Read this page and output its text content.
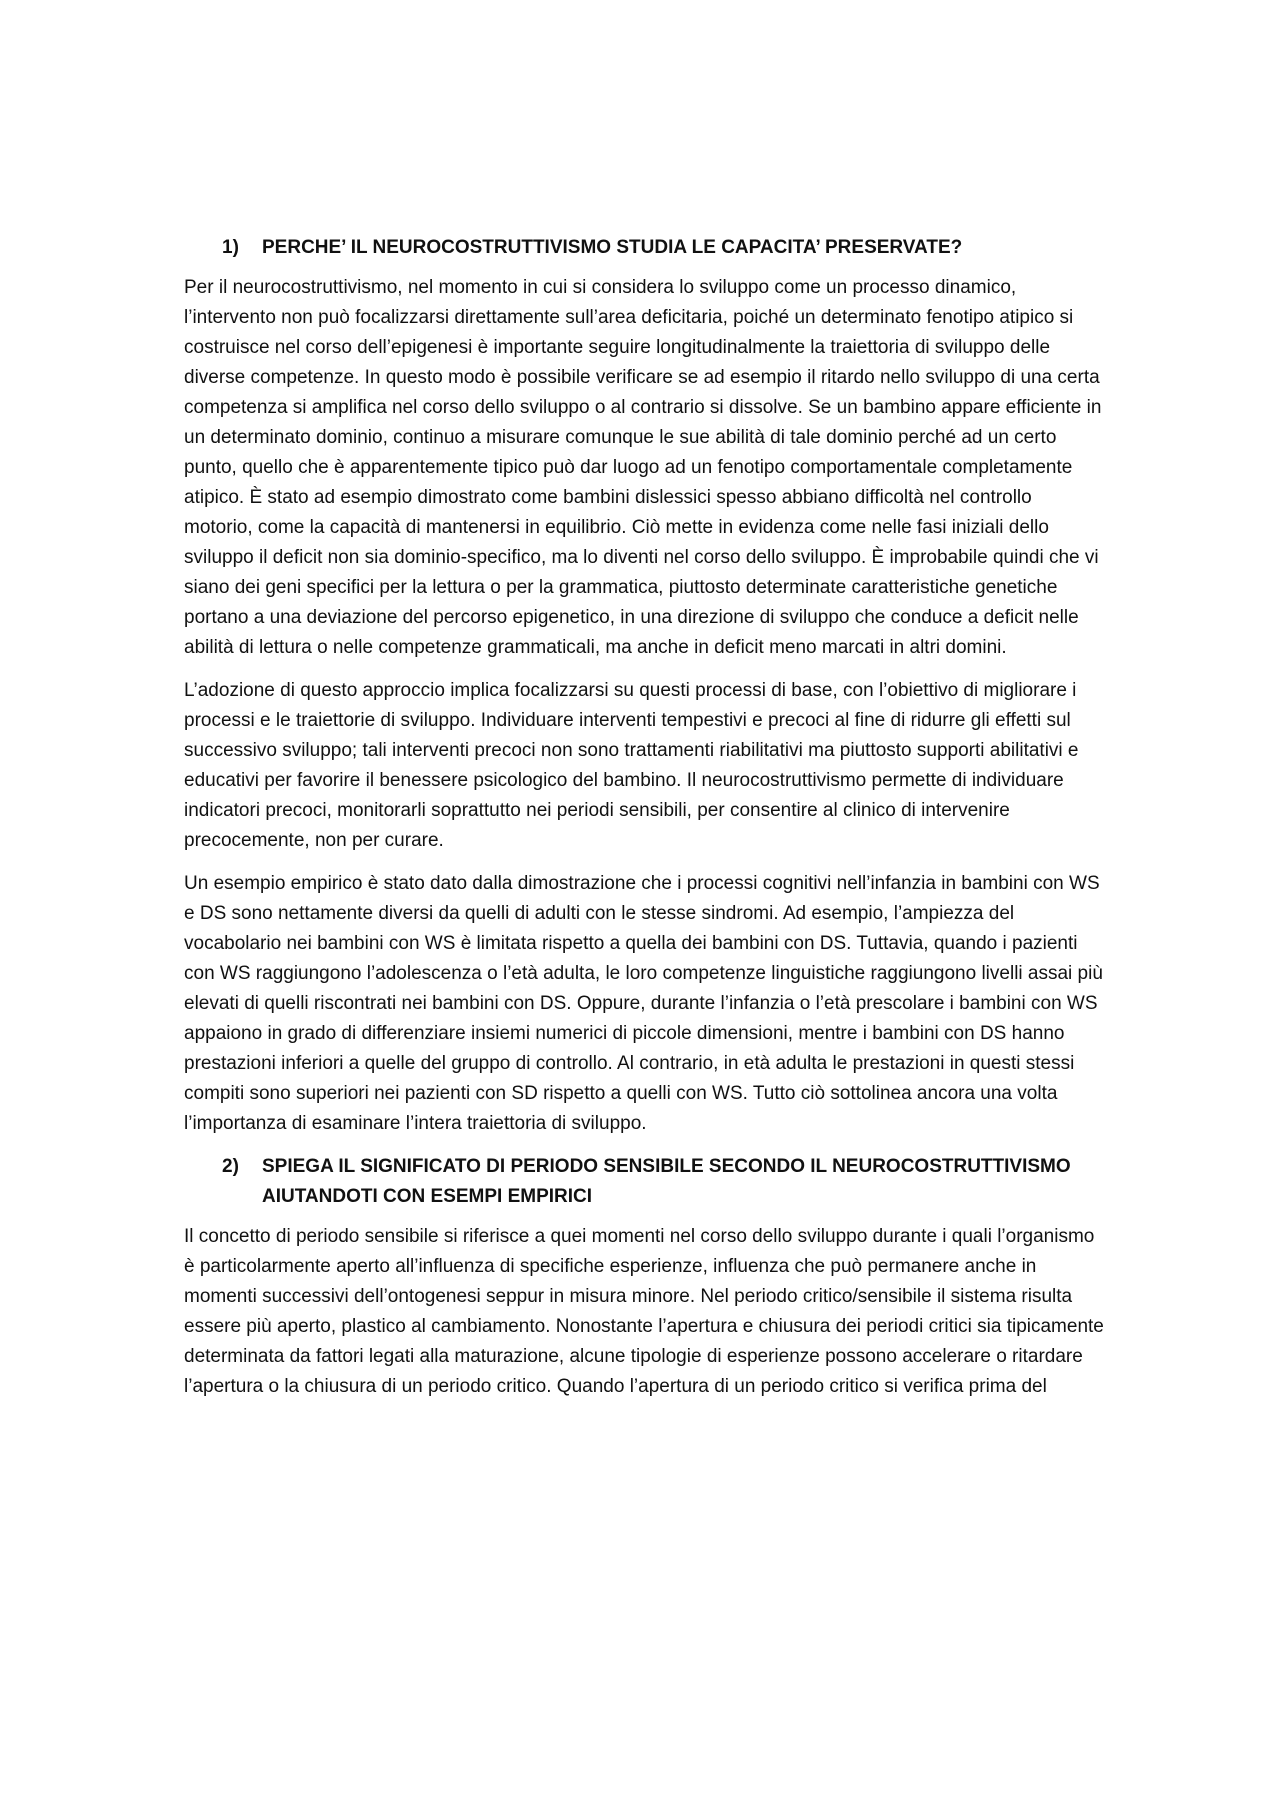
1)	PERCHE’ IL NEUROCOSTRUTTIVISMO STUDIA LE CAPACITA’ PRESERVATE?

Per il neurocostruttivismo, nel momento in cui si considera lo sviluppo come un processo dinamico, l’intervento non può focalizzarsi direttamente sull’area deficitaria, poiché un determinato fenotipo atipico si costruisce nel corso dell’epigenesi è importante seguire longitudinalmente la traiettoria di sviluppo delle diverse competenze. In questo modo è possibile verificare se ad esempio il ritardo nello sviluppo di una certa competenza si amplifica nel corso dello sviluppo o al contrario si dissolve. Se un bambino appare efficiente in un determinato dominio, continuo a misurare comunque le sue abilità di tale dominio perché ad un certo punto, quello che è apparentemente tipico può dar luogo ad un fenotipo comportamentale completamente atipico. È stato ad esempio dimostrato come bambini dislessici spesso abbiano difficoltà nel controllo motorio, come la capacità di mantenersi in equilibrio. Ciò mette in evidenza come nelle fasi iniziali dello sviluppo il deficit non sia dominio-specifico, ma lo diventi nel corso dello sviluppo. È improbabile quindi che vi siano dei geni specifici per la lettura o per la grammatica, piuttosto determinate caratteristiche genetiche portano a una deviazione del percorso epigenetico, in una direzione di sviluppo che conduce a deficit nelle abilità di lettura o nelle competenze grammaticali, ma anche in deficit meno marcati in altri domini.

L’adozione di questo approccio implica focalizzarsi su questi processi di base, con l’obiettivo di migliorare i processi e le traiettorie di sviluppo. Individuare interventi tempestivi e precoci al fine di ridurre gli effetti sul successivo sviluppo; tali interventi precoci non sono trattamenti riabilitativi ma piuttosto supporti abilitativi e educativi per favorire il benessere psicologico del bambino. Il neurocostruttivismo permette di individuare indicatori precoci, monitorarli soprattutto nei periodi sensibili, per consentire al clinico di intervenire precocemente, non per curare.

Un esempio empirico è stato dato dalla dimostrazione che i processi cognitivi nell’infanzia in bambini con WS e DS sono nettamente diversi da quelli di adulti con le stesse sindromi. Ad esempio, l’ampiezza del vocabolario nei bambini con WS è limitata rispetto a quella dei bambini con DS. Tuttavia, quando i pazienti con WS raggiungono l’adolescenza o l’età adulta, le loro competenze linguistiche raggiungono livelli assai più elevati di quelli riscontrati nei bambini con DS. Oppure, durante l’infanzia o l’età prescolare i bambini con WS appaiono in grado di differenziare insiemi numerici di piccole dimensioni, mentre i bambini con DS hanno prestazioni inferiori a quelle del gruppo di controllo. Al contrario, in età adulta le prestazioni in questi stessi compiti sono superiori nei pazienti con SD rispetto a quelli con WS. Tutto ciò sottolinea ancora una volta l’importanza di esaminare l’intera traiettoria di sviluppo.

2)	SPIEGA IL SIGNIFICATO DI PERIODO SENSIBILE SECONDO IL NEUROCOSTRUTTIVISMO AIUTANDOTI CON ESEMPI EMPIRICI

Il concetto di periodo sensibile si riferisce a quei momenti nel corso dello sviluppo durante i quali l’organismo è particolarmente aperto all’influenza di specifiche esperienze, influenza che può permanere anche in momenti successivi dell’ontogenesi seppur in misura minore. Nel periodo critico/sensibile il sistema risulta essere più aperto, plastico al cambiamento. Nonostante l’apertura e chiusura dei periodi critici sia tipicamente determinata da fattori legati alla maturazione, alcune tipologie di esperienze possono accelerare o ritardare l’apertura o la chiusura di un periodo critico. Quando l’apertura di un periodo critico si verifica prima del
